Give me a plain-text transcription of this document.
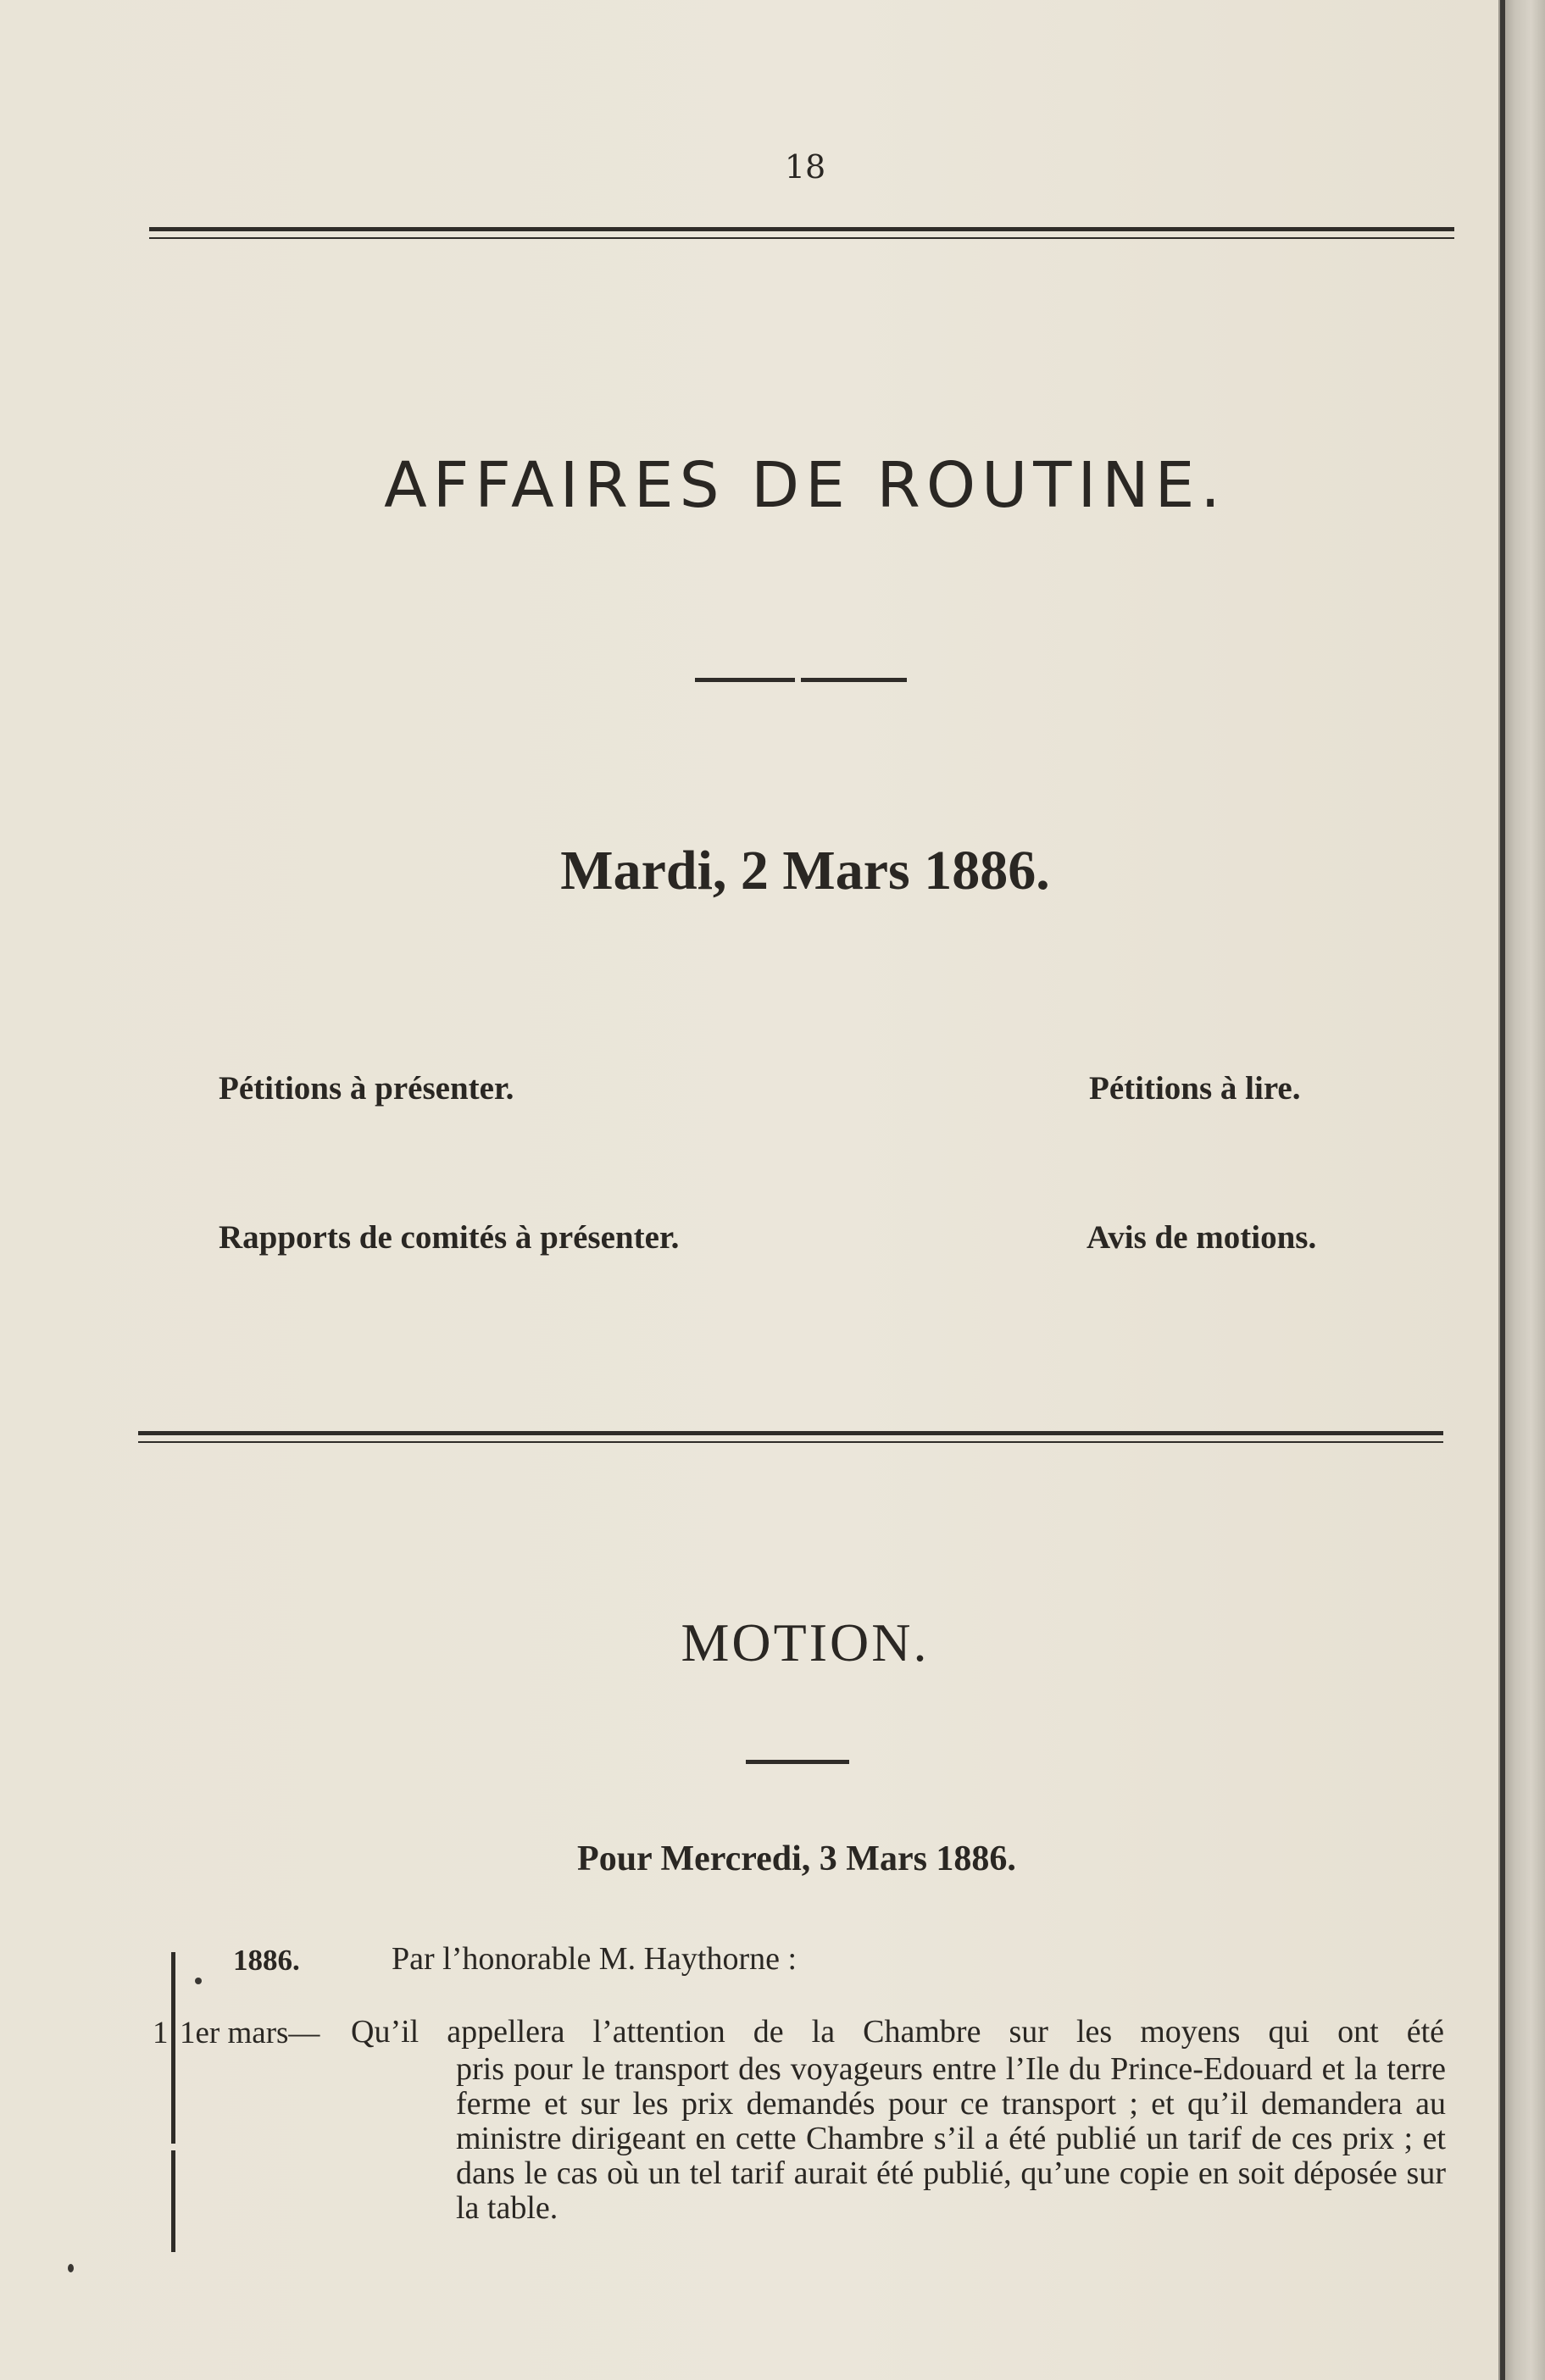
18
AFFAIRES DE ROUTINE.
Mardi, 2 Mars 1886.
Pétitions à présenter.	Pétitions à lire.
Rapports de comités à présenter.	Avis de motions.
MOTION.
Pour Mercredi, 3 Mars 1886.
1886.	Par l’honorable M. Haythorne :
1 1er mars— Qu’il appellera l’attention de la Chambre sur les moyens qui ont été
pris pour le transport des voyageurs entre l’Ile du Prince-Edouard et la terre ferme et sur les prix demandés pour ce transport ; et qu’il demandera au ministre dirigeant en cette Chambre s’il a été publié un tarif de ces prix ; et dans le cas où un tel tarif aurait été publié, qu’une copie en soit déposée sur la table.
